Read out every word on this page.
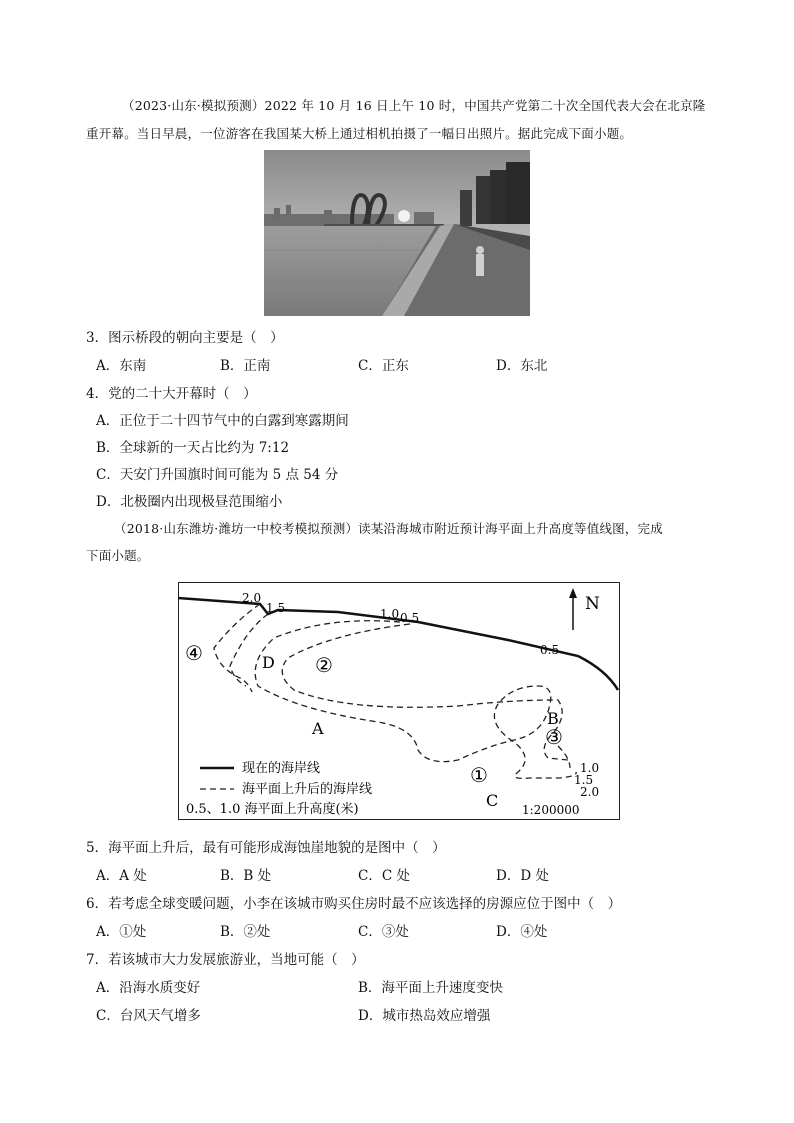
（2023·山东·模拟预测）2022 年 10 月 16 日上午 10 时，中国共产党第二十次全国代表大会在北京隆
重开幕。当日早晨，一位游客在我国某大桥上通过相机拍摄了一幅日出照片。据此完成下面小题。
3．图示桥段的朝向主要是（　）
A．东南	B．正南	C．正东	D．东北
4．党的二十大开幕时（　）
A．正位于二十四节气中的白露到寒露期间
B．全球新的一天占比约为 7:12
C．天安门升国旗时间可能为 5 点 54 分
D．北极圈内出现极昼范围缩小
（2018·山东潍坊·潍坊一中校考模拟预测）读某沿海城市附近预计海平面上升高度等值线图，完成
下面小题。
2.0
1.5	1.0 0.5
0.5
1.0
1.5
2.0
A
B
C
D
①
②
③
④
N
现在的海岸线
海平面上升后的海岸线
0.5、1.0 海平面上升高度(米)	1:200000
5．海平面上升后，最有可能形成海蚀崖地貌的是图中（　）
A．A 处	B．B 处	C．C 处	D．D 处
6．若考虑全球变暖问题，小李在该城市购买住房时最不应该选择的房源应位于图中（　）
A．①处	B．②处	C．③处	D．④处
7．若该城市大力发展旅游业，当地可能（　）
A．沿海水质变好	B．海平面上升速度变快
C．台风天气增多	D．城市热岛效应增强
